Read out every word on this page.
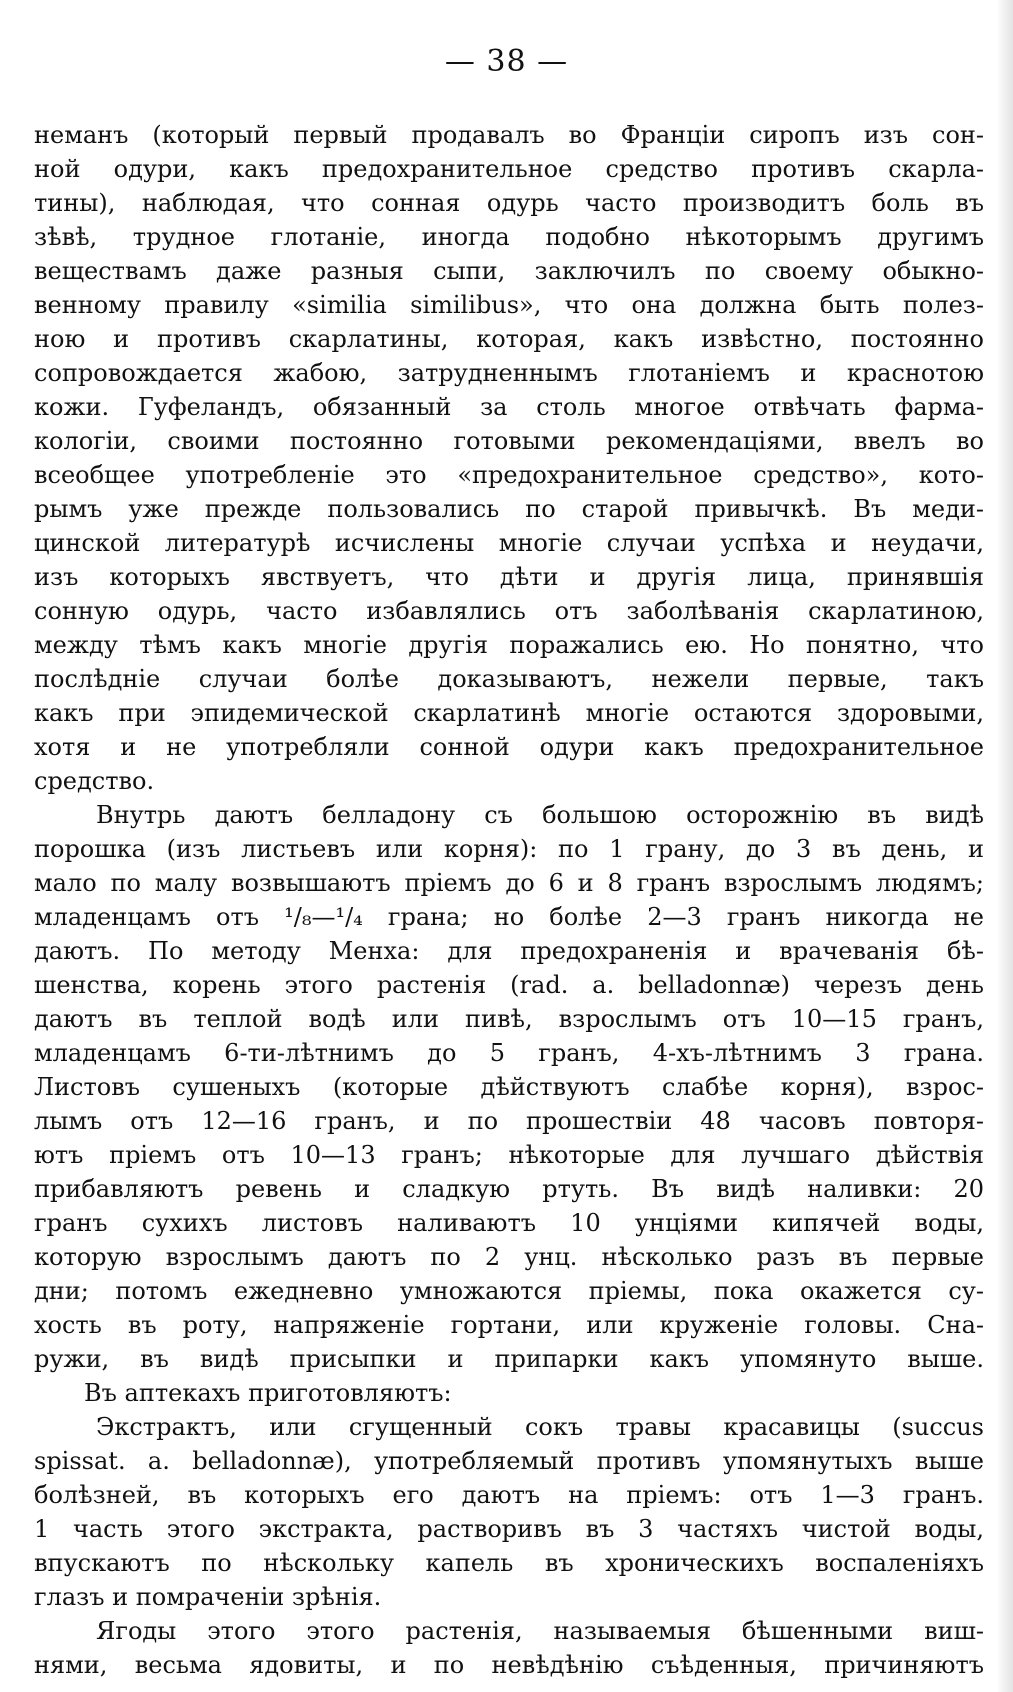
— 38 —
неманъ (который первый продавалъ во Франціи сиропъ изъ сон-
ной одури, какъ предохранительное средство противъ скарла-
тины), наблюдая, что сонная одурь часто производитъ боль въ
зѣвѣ, трудное глотаніе, иногда подобно нѣкоторымъ другимъ
веществамъ даже разныя сыпи, заключилъ по своему обыкно-
венному правилу «similia similibus», что она должна быть полез-
ною и противъ скарлатины, которая, какъ извѣстно, постоянно
сопровождается жабою, затрудненнымъ глотаніемъ и краснотою
кожи. Гуфеландъ, обязанный за столь многое отвѣчать фарма-
кологіи, своими постоянно готовыми рекомендаціями, ввелъ во
всеобщее употребленіе это «предохранительное средство», кото-
рымъ уже прежде пользовались по старой привычкѣ. Въ меди-
цинской литературѣ исчислены многіе случаи успѣха и неудачи,
изъ которыхъ явствуетъ, что дѣти и другія лица, принявшія
сонную одурь, часто избавлялись отъ заболѣванія скарлатиною,
между тѣмъ какъ многіе другія поражались ею. Но понятно, что
послѣдніе случаи болѣе доказываютъ, нежели первые, такъ
какъ при эпидемической скарлатинѣ многіе остаются здоровыми,
хотя и не употребляли сонной одури какъ предохранительное
средство.
Внутрь даютъ белладону съ большою осторожнію въ видѣ
порошка (изъ листьевъ или корня): по 1 грану, до 3 въ день, и
мало по малу возвышаютъ пріемъ до 6 и 8 гранъ взрослымъ людямъ;
младенцамъ отъ ¹/₈—¹/₄ грана; но болѣе 2—3 гранъ никогда не
даютъ. По методу Менха: для предохраненія и врачеванія бѣ-
шенства, корень этого растенія (rad. a. belladonnæ) черезъ день
даютъ въ теплой водѣ или пивѣ, взрослымъ отъ 10—15 гранъ,
младенцамъ 6-ти-лѣтнимъ до 5 гранъ, 4-хъ-лѣтнимъ 3 грана.
Листовъ сушеныхъ (которые дѣйствуютъ слабѣе корня), взрос-
лымъ отъ 12—16 гранъ, и по прошествіи 48 часовъ повторя-
ютъ пріемъ отъ 10—13 гранъ; нѣкоторые для лучшаго дѣйствія
прибавляютъ ревень и сладкую ртуть. Въ видѣ наливки: 20
гранъ сухихъ листовъ наливаютъ 10 унціями кипячей воды,
которую взрослымъ даютъ по 2 унц. нѣсколько разъ въ первые
дни; потомъ ежедневно умножаются пріемы, пока окажется су-
хость въ роту, напряженіе гортани, или круженіе головы. Сна-
ружи, въ видѣ присыпки и припарки какъ упомянуто выше.
Въ аптекахъ приготовляютъ:
Экстрактъ, или сгущенный сокъ травы красавицы (succus
spissat. a. belladonnæ), употребляемый противъ упомянутыхъ выше
болѣзней, въ которыхъ его даютъ на пріемъ: отъ 1—3 гранъ.
1 часть этого экстракта, растворивъ въ 3 частяхъ чистой воды,
впускаютъ по нѣскольку капель въ хроническихъ воспаленіяхъ
глазъ и помраченіи зрѣнія.
Ягоды этого этого растенія, называемыя бѣшенными виш-
нями, весьма ядовиты, и по невѣдѣнію съѣденныя, причиняютъ
